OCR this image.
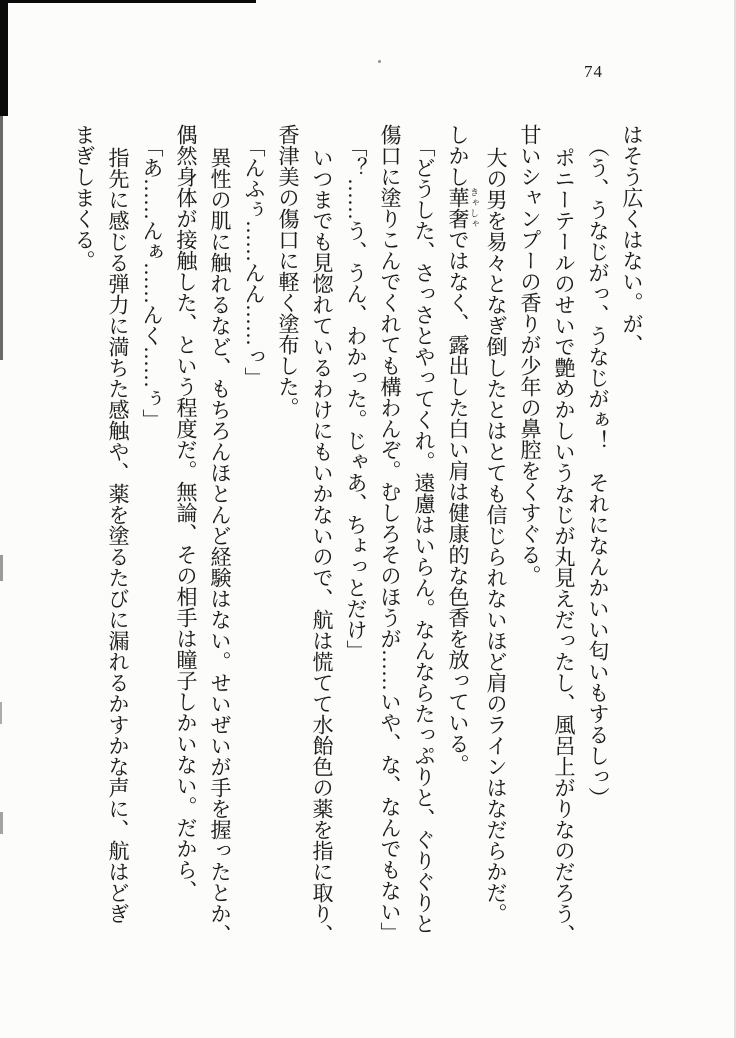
74
はそう広くはない。が、
（う、うなじがっ、うなじがぁ！　それになんかいい匂いもするしっ）
ポニーテールのせいで艶めかしいうなじが丸見えだったし、風呂上がりなのだろう、
甘いシャンプーの香りが少年の鼻腔をくすぐる。
大の男を易々となぎ倒したとはとても信じられないほど肩のラインはなだらかだ。
しかし華奢 きゃしゃではなく、露出した白い肩は健康的な色香を放っている。
「どうした、さっさとやってくれ。遠慮はいらん。なんならたっぷりと、ぐりぐりと
傷口に塗りこんでくれても構わんぞ。むしろそのほうが……いや、な、なんでもない」
「？……う、うん、わかった。じゃあ、ちょっとだけ」
いつまでも見惚れているわけにもいかないので、航は慌てて水飴色の薬を指に取り、
香津美の傷口に軽く塗布した。
「んふぅ……んん……っ」
異性の肌に触れるなど、もちろんほとんど経験はない。せいぜいが手を握ったとか、
偶然身体が接触した、という程度だ。無論、その相手は瞳子しかいない。だから、
「あ……んぁ……んく……ぅ」
指先に感じる弾力に満ちた感触や、薬を塗るたびに漏れるかすかな声に、航はどぎ
まぎしまくる。
